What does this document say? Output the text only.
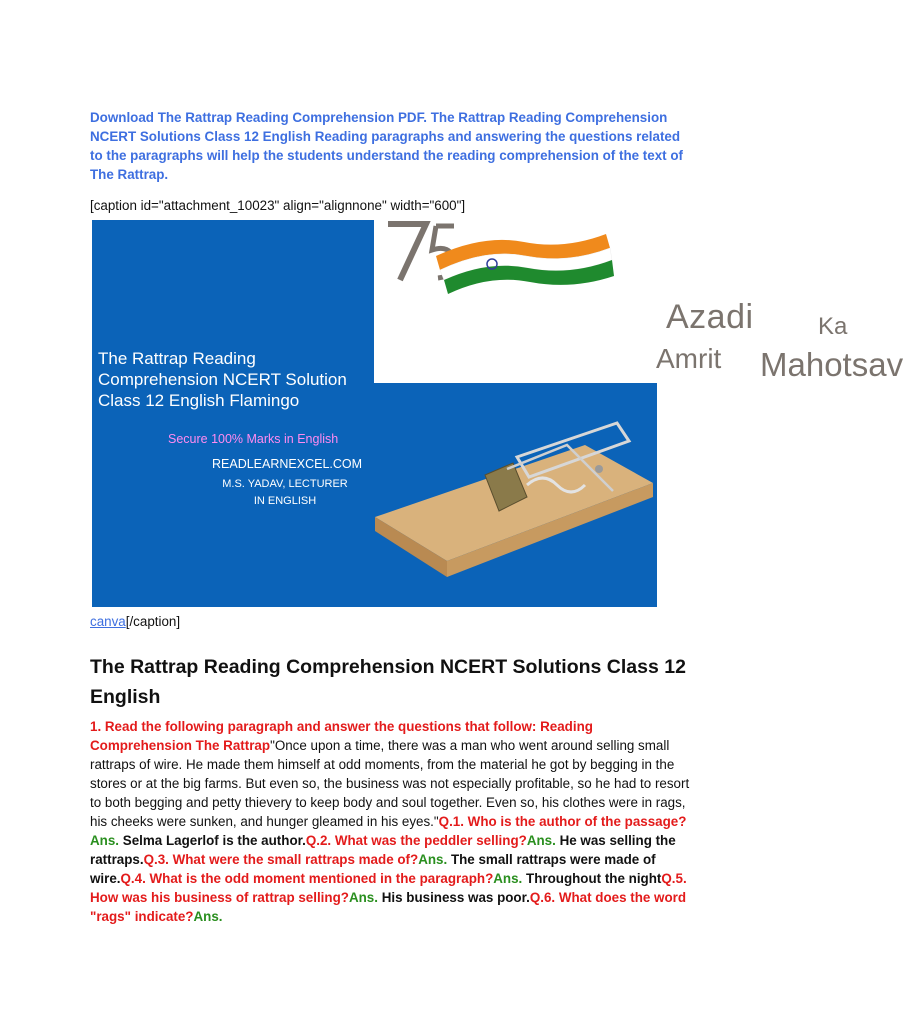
Download The Rattrap Reading Comprehension PDF. The Rattrap Reading Comprehension NCERT Solutions Class 12 English Reading paragraphs and answering the questions related to the paragraphs will help the students understand the reading comprehension of the text of The Rattrap.
[caption id="attachment_10023" align="alignnone" width="600"]
Azadi	Ka
Amrit Mahotsav
The Rattrap Reading
Comprehension NCERT Solution
Class 12 English Flamingo
Secure 100% Marks in English
READLEARNEXCEL.COM
M.S. YADAV, LECTURER IN ENGLISH
canva[/caption]
The Rattrap Reading Comprehension NCERT Solutions Class 12 English
1. Read the following paragraph and answer the questions that follow: Reading Comprehension The Rattrap"Once upon a time, there was a man who went around selling small rattraps of wire. He made them himself at odd moments, from the material he got by begging in the stores or at the big farms. But even so, the business was not especially profitable, so he had to resort to both begging and petty thievery to keep body and soul together. Even so, his clothes were in rags, his cheeks were sunken, and hunger gleamed in his eyes."Q.1. Who is the author of the passage?Ans. Selma Lagerlof is the author.Q.2. What was the peddler selling?Ans. He was selling the rattraps.Q.3. What were the small rattraps made of?Ans. The small rattraps were made of wire.Q.4. What is the odd moment mentioned in the paragraph?Ans. Throughout the nightQ.5. How was his business of rattrap selling?Ans. His business was poor.Q.6. What does the word "rags" indicate?Ans.
